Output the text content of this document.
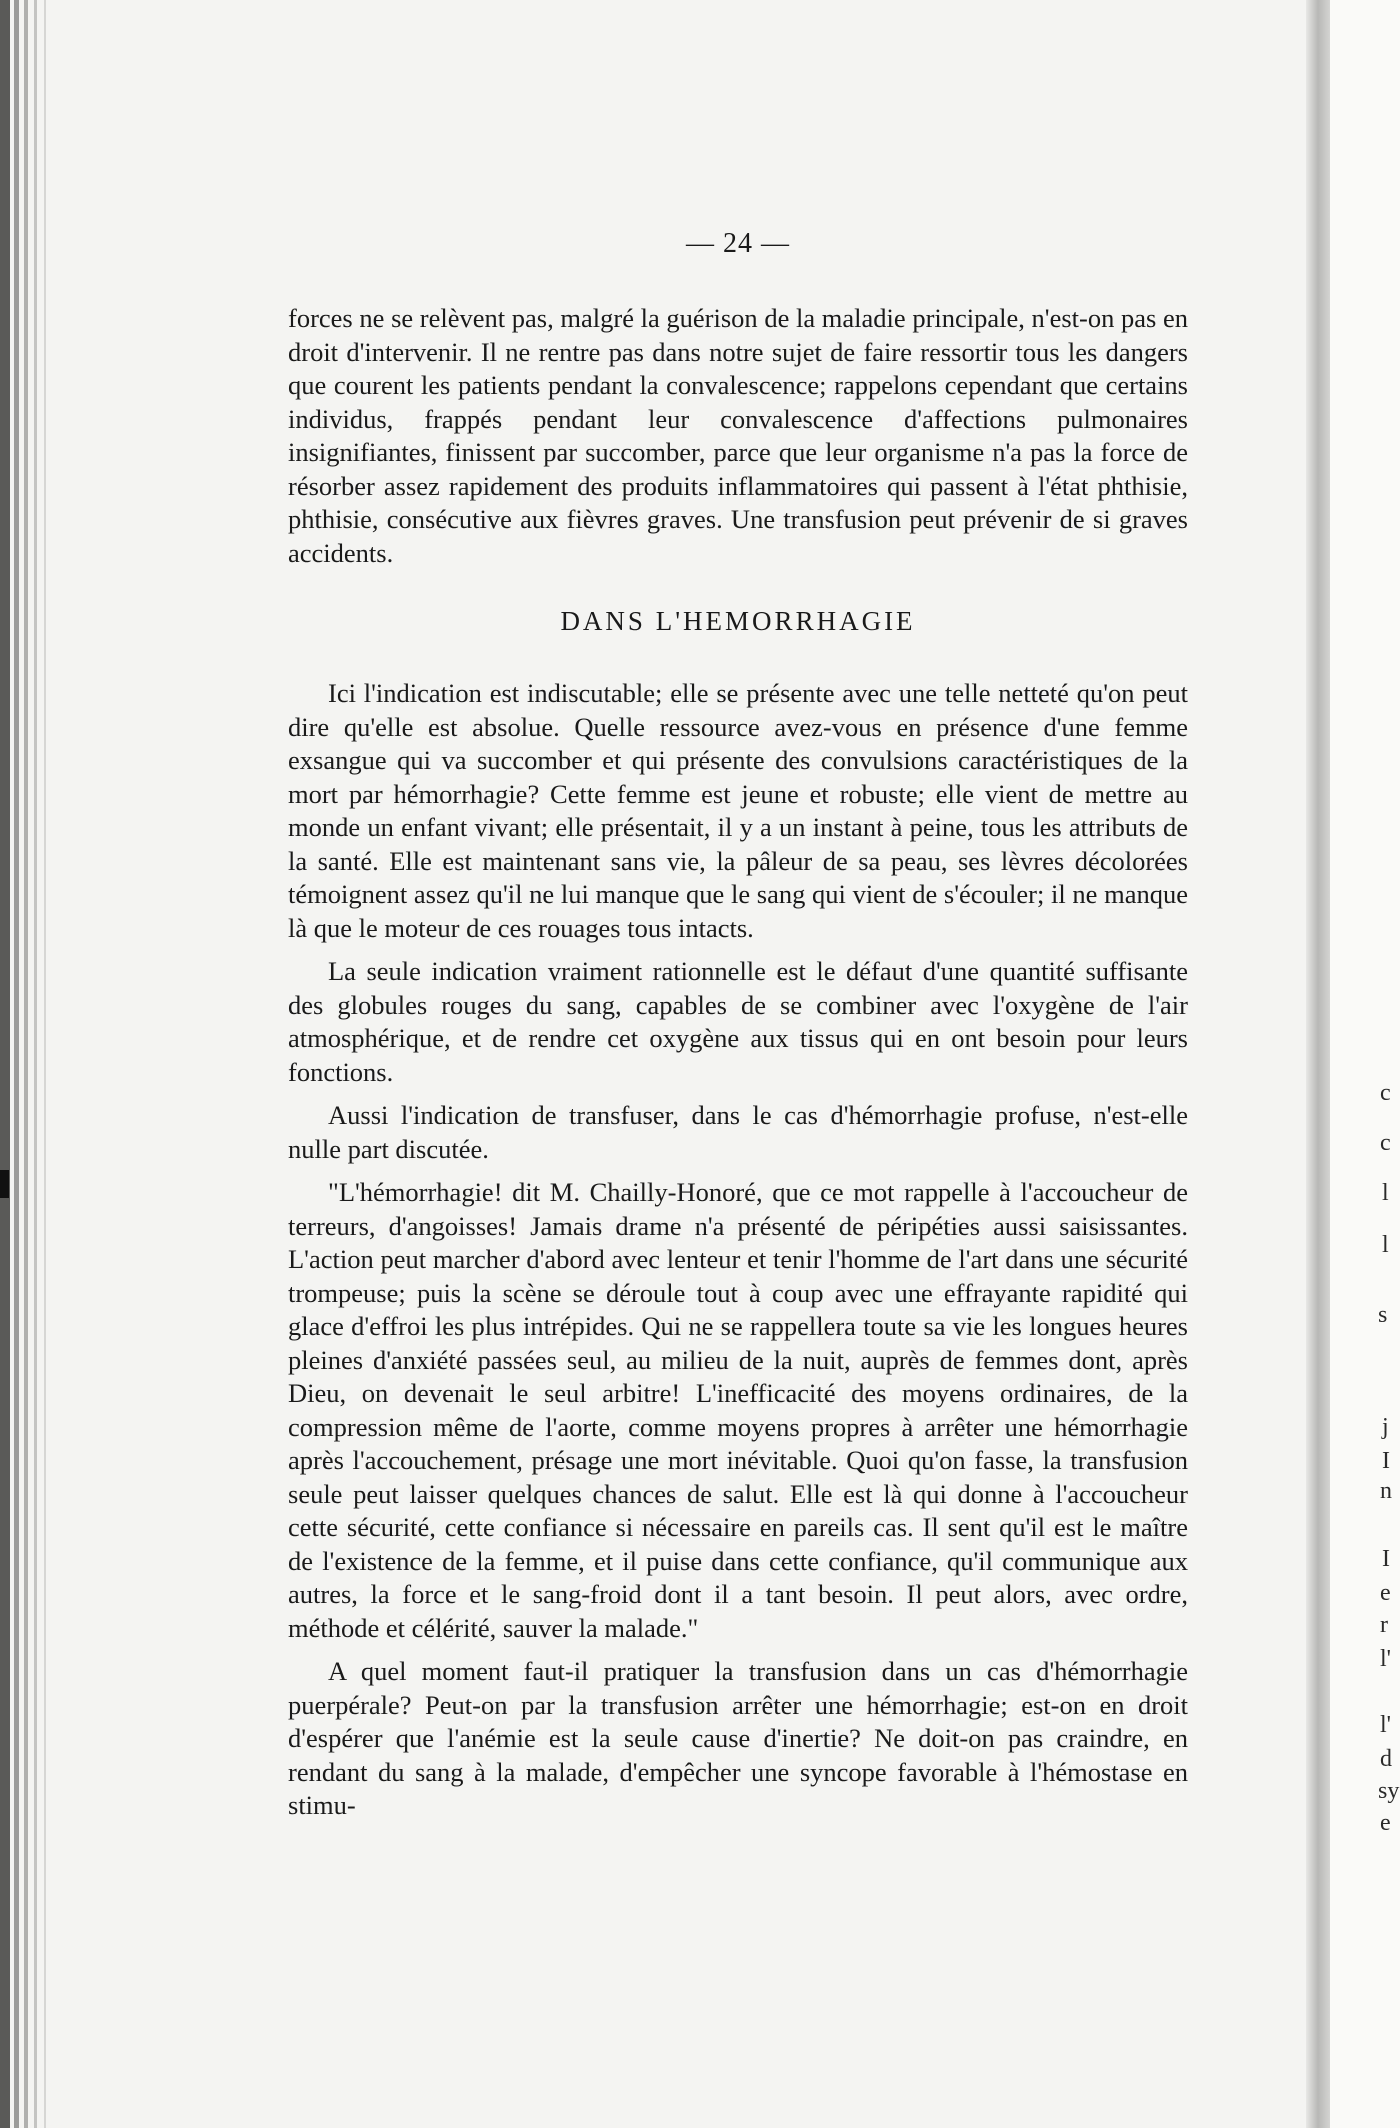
— 24 —

forces ne se relèvent pas, malgré la guérison de la maladie principale, n'est-on pas en droit d'intervenir. Il ne rentre pas dans notre sujet de faire ressortir tous les dangers que courent les patients pendant la convalescence; rappelons cependant que certains individus, frappés pendant leur convalescence d'affections pulmonaires insignifiantes, finissent par succomber, parce que leur organisme n'a pas la force de résorber assez rapidement des produits inflammatoires qui passent à l'état phthisie, phthisie, consécutive aux fièvres graves. Une transfusion peut prévenir de si graves accidents.

DANS L'HEMORRHAGIE

Ici l'indication est indiscutable; elle se présente avec une telle netteté qu'on peut dire qu'elle est absolue. Quelle ressource avez-vous en présence d'une femme exsangue qui va succomber et qui présente des convulsions caractéristiques de la mort par hémorrhagie? Cette femme est jeune et robuste; elle vient de mettre au monde un enfant vivant; elle présentait, il y a un instant à peine, tous les attributs de la santé. Elle est maintenant sans vie, la pâleur de sa peau, ses lèvres décolorées témoignent assez qu'il ne lui manque que le sang qui vient de s'écouler; il ne manque là que le moteur de ces rouages tous intacts.

La seule indication vraiment rationnelle est le défaut d'une quantité suffisante des globules rouges du sang, capables de se combiner avec l'oxygène de l'air atmosphérique, et de rendre cet oxygène aux tissus qui en ont besoin pour leurs fonctions.

Aussi l'indication de transfuser, dans le cas d'hémorrhagie profuse, n'est-elle nulle part discutée.

"L'hémorrhagie! dit M. Chailly-Honoré, que ce mot rappelle à l'accoucheur de terreurs, d'angoisses! Jamais drame n'a présenté de péripéties aussi saisissantes. L'action peut marcher d'abord avec lenteur et tenir l'homme de l'art dans une sécurité trompeuse; puis la scène se déroule tout à coup avec une effrayante rapidité qui glace d'effroi les plus intrépides. Qui ne se rappellera toute sa vie les longues heures pleines d'anxiété passées seul, au milieu de la nuit, auprès de femmes dont, après Dieu, on devenait le seul arbitre! L'inefficacité des moyens ordinaires, de la compression même de l'aorte, comme moyens propres à arrêter une hémorrhagie après l'accouchement, présage une mort inévitable. Quoi qu'on fasse, la transfusion seule peut laisser quelques chances de salut. Elle est là qui donne à l'accoucheur cette sécurité, cette confiance si nécessaire en pareils cas. Il sent qu'il est le maître de l'existence de la femme, et il puise dans cette confiance, qu'il communique aux autres, la force et le sang-froid dont il a tant besoin. Il peut alors, avec ordre, méthode et célérité, sauver la malade."

A quel moment faut-il pratiquer la transfusion dans un cas d'hémorrhagie puerpérale? Peut-on par la transfusion arrêter une hémorrhagie; est-on en droit d'espérer que l'anémie est la seule cause d'inertie? Ne doit-on pas craindre, en rendant du sang à la malade, d'empêcher une syncope favorable à l'hémostase en stimu-

c
c
l
l
s
j
I
n
I
e
r
l'
l'
d
sy
e
